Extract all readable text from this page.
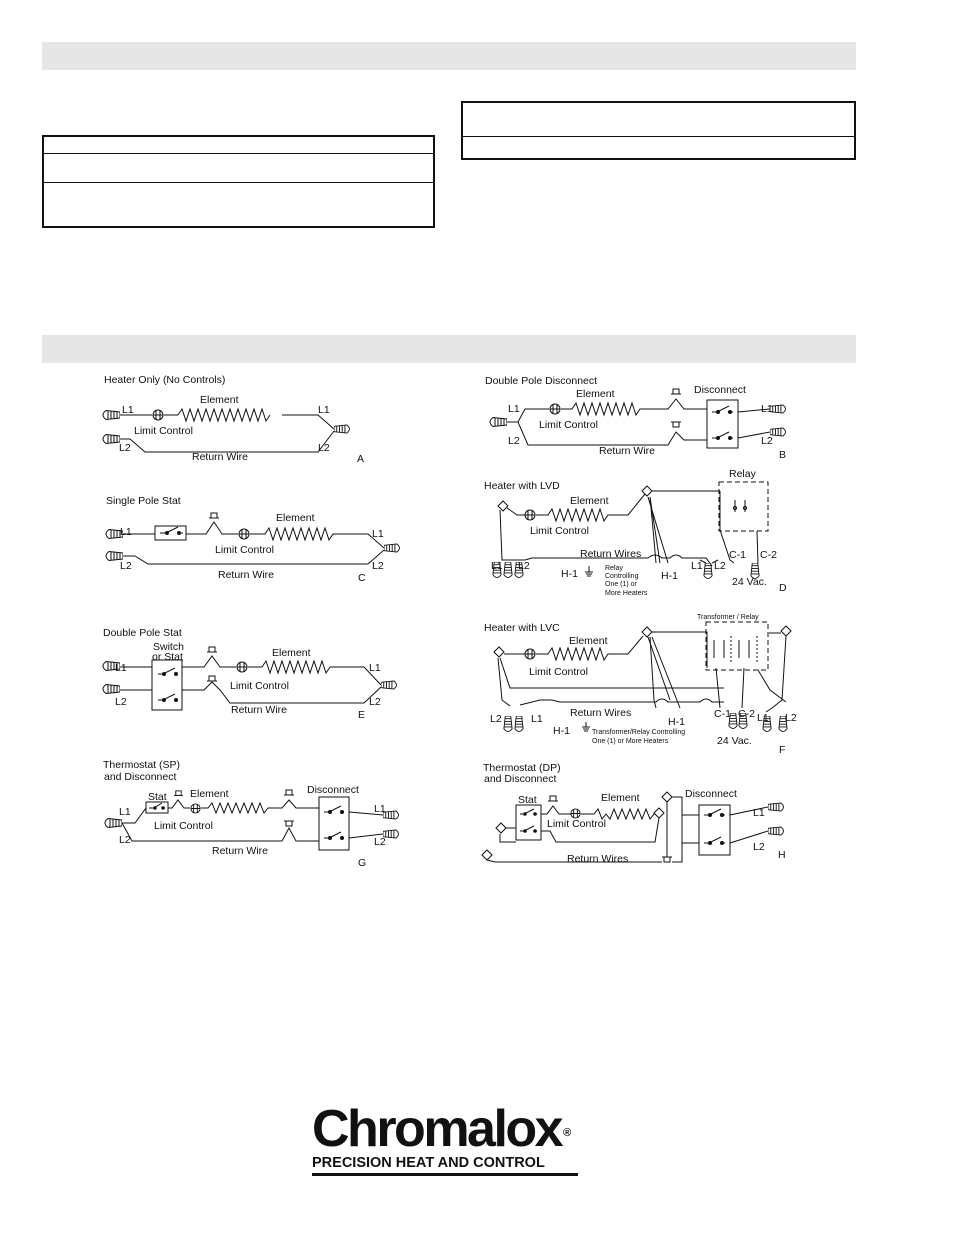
Heater Only (No Controls)
L1
L2
L1
L2
Element
Limit Control
Return Wire	A
Single Pole Stat
L1
L2
L1
L2
Element
Limit Control
Return Wire	C
Double Pole Stat
Switch
or Stat
L1
L2
L1
L2
Element
Limit Control
Return Wire	E
Thermostat (SP)
and Disconnect
Stat
L1
L2
L1
L2
Element
Limit Control
Disconnect
Return Wire
G
Double Pole Disconnect
L1
L2
L1
L2
Element
Limit Control
Disconnect
Return Wire	B
Heater with LVD
Relay
Element
Limit Control
Return Wires
L1 L2
H-1	H-1
L1 L2
C-1 C-2
24 Vac.
Relay
Controlling
One (1) or
More Heaters	D
Heater with LVC
Transformer / Relay
Element
Limit Control
Return Wires
L2	L1
H-1
H-1
C-1 C-2 L1 L2
24 Vac.
Transformer/Relay Controlling
One (1) or More Heaters
F
Thermostat (DP)
and Disconnect
Stat	Element
Limit Control
Disconnect
Return Wires
L1
L2
H
Chromalox ®
PRECISION HEAT AND CONTROL
